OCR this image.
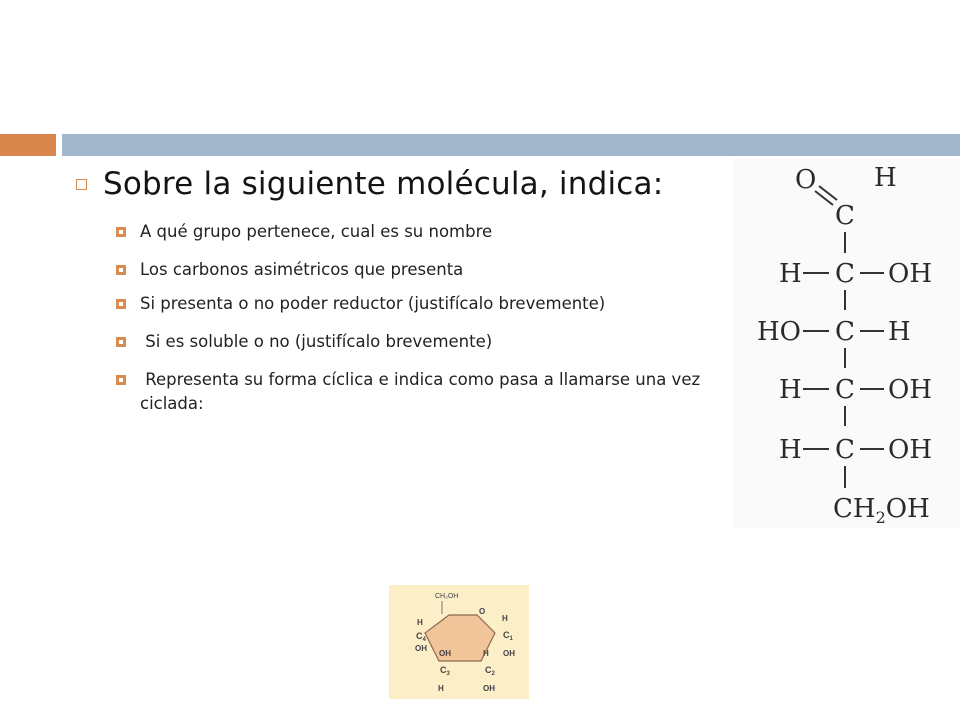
Sobre la siguiente molécula, indica:
A qué grupo pertenece, cual es su nombre
Los carbonos asimétricos que presenta
Si presenta o no poder reductor (justifícalo brevemente)
Si es soluble o no (justifícalo brevemente)
Representa su forma cíclica e indica como pasa a llamarse una vez ciclada:
O H
C
H C OH
HO C H
H C OH
H C OH
$CH_2OH$
CH₂OH
O
H
$C_1$
OH
H
$C_4$
OH
OH	H
$C_3$	$C_2$
H	OH
